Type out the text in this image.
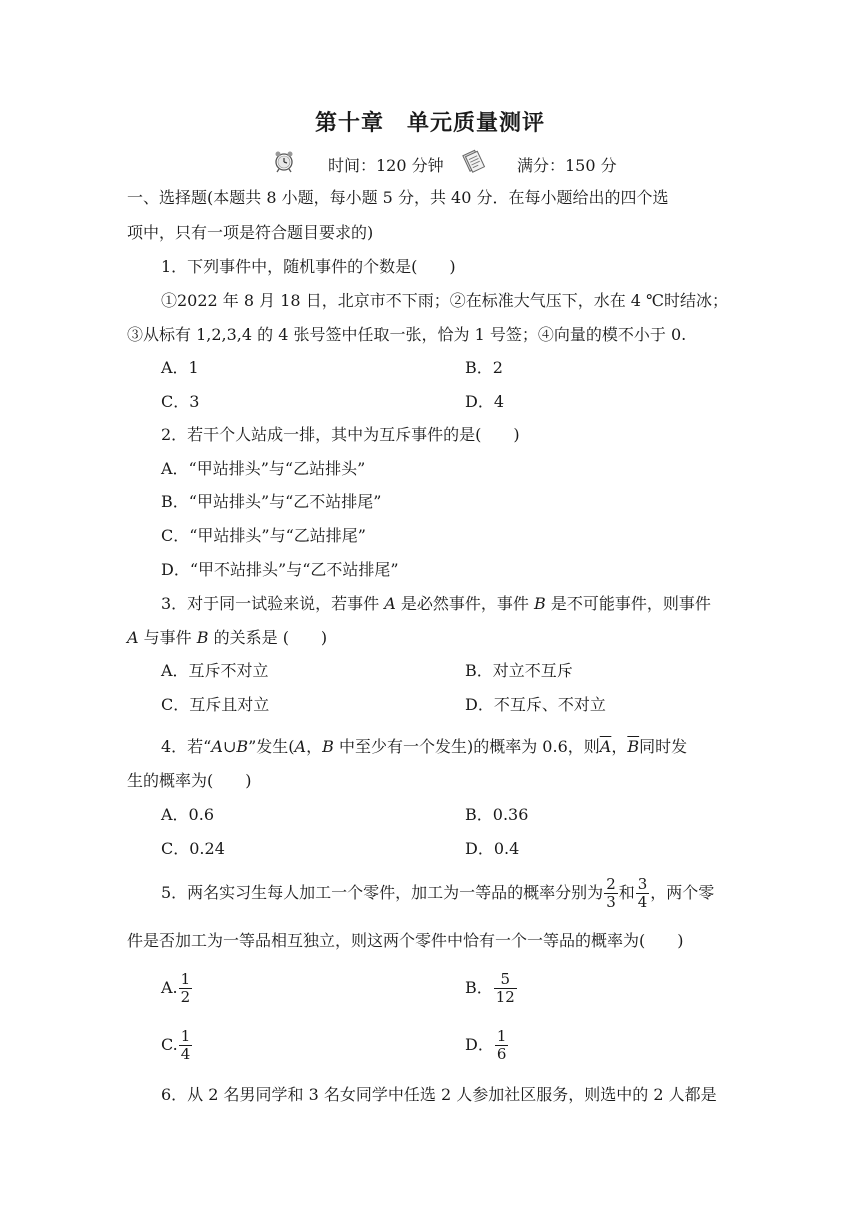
第十章　单元质量测评
时间：120 分钟	满分：150 分
一、选择题(本题共 8 小题，每小题 5 分，共 40 分．在每小题给出的四个选
项中，只有一项是符合题目要求的)
1．下列事件中，随机事件的个数是(　　)
①2022 年 8 月 18 日，北京市不下雨；②在标准大气压下，水在 4 ℃时结冰；
③从标有 1,2,3,4 的 4 张号签中任取一张，恰为 1 号签；④向量的模不小于 0.
A．1	B．2
C．3	D．4
2．若干个人站成一排，其中为互斥事件的是(　　)
A．“甲站排头”与“乙站排头”
B．“甲站排头”与“乙不站排尾”
C．“甲站排头”与“乙站排尾”
D．“甲不站排头”与“乙不站排尾”
3．对于同一试验来说，若事件 A 是必然事件，事件 B 是不可能事件，则事件
A 与事件 B 的关系是 (　　)
A．互斥不对立	B．对立不互斥
C．互斥且对立	D．不互斥、不对立
4．若“A∪B”发生(A，B 中至少有一个发生)的概率为 0.6，则$\overline{A}$，$\overline{B}$同时发
生的概率为(　　)
A．0.6	B．0.36
C．0.24	D．0.4
5．两名实习生每人加工一个零件，加工为一等品的概率分别为 $\frac{2}{3}$ 和 $\frac{3}{4}$ ，两个零
件是否加工为一等品相互独立，则这两个零件中恰有一个一等品的概率为(　　)
A. $\frac{1}{2}$	B． $\frac{5}{12}$
C. $\frac{1}{4}$	D． $\frac{1}{6}$
6．从 2 名男同学和 3 名女同学中任选 2 人参加社区服务，则选中的 2 人都是
